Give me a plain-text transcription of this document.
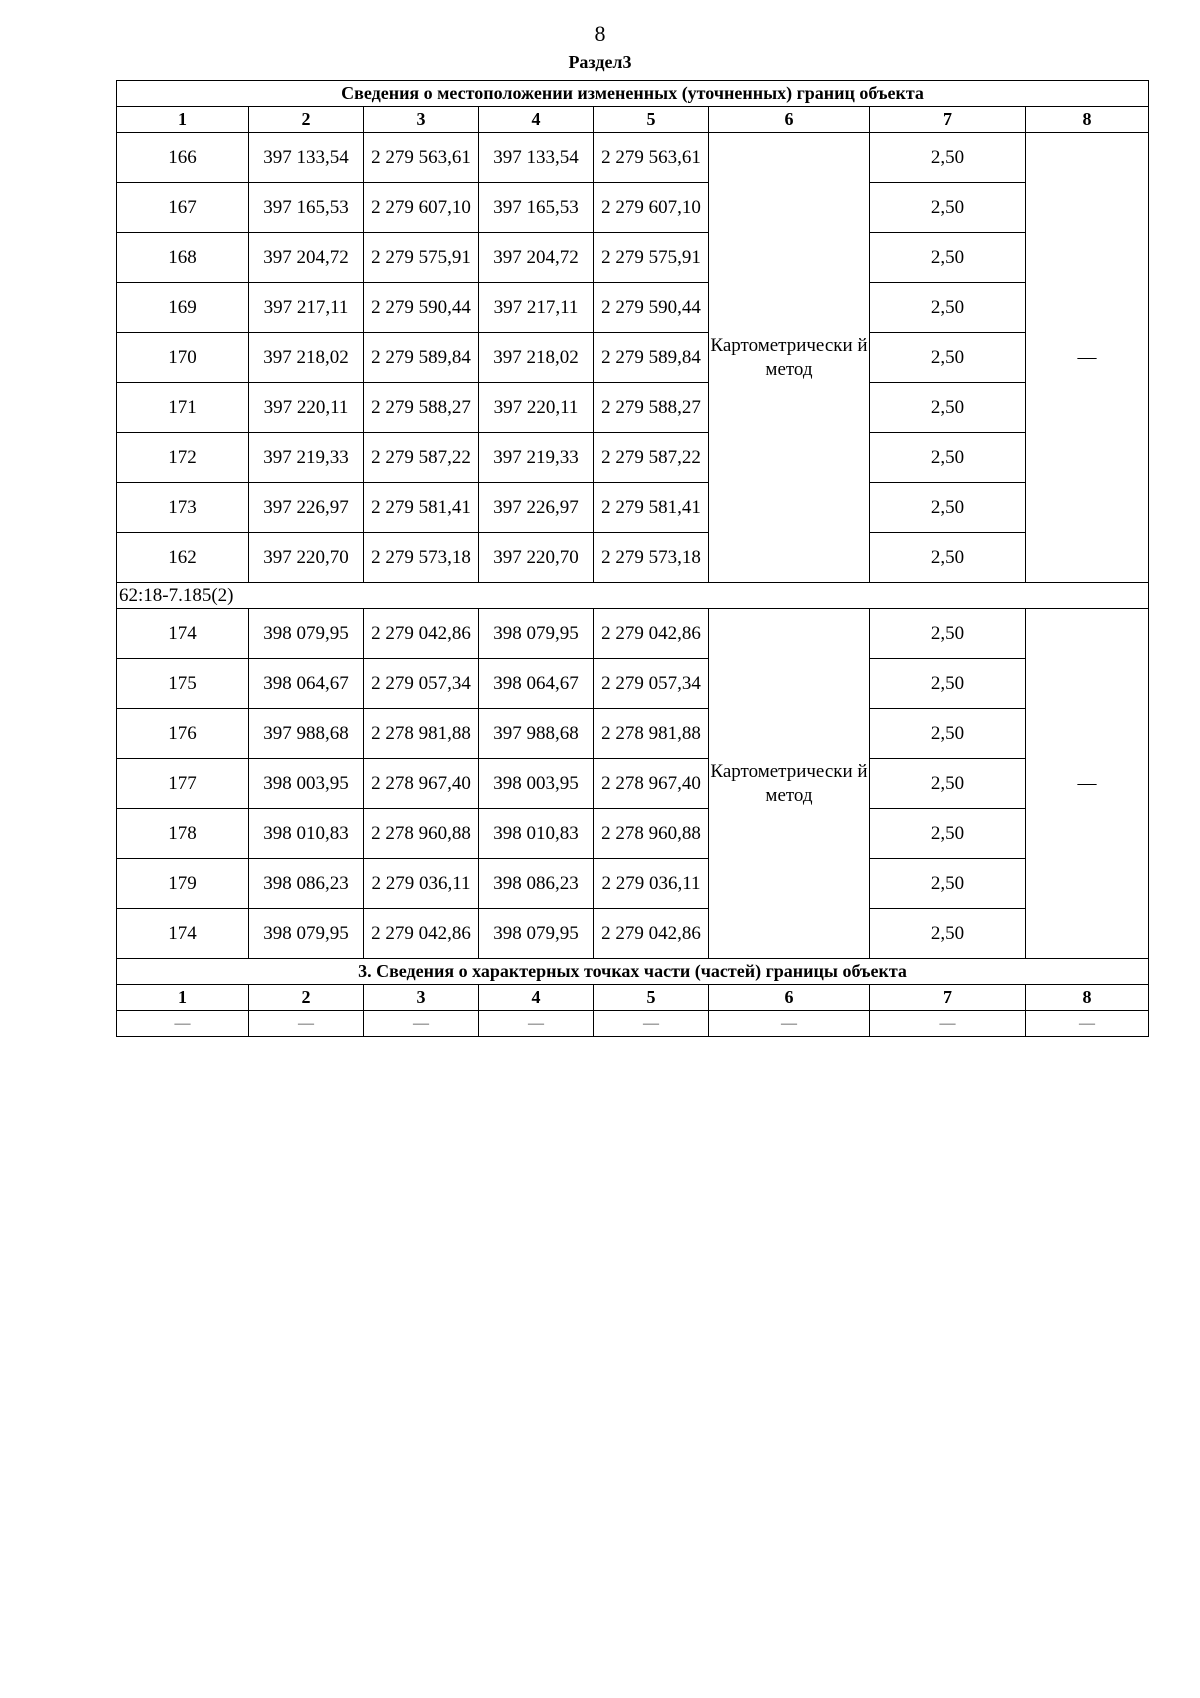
8
Раздел3
Сведения о местоположении измененных (уточненных) границ объекта							
1	2	3	4	5	6	7	8
166	397 133,54	2 279 563,61	397 133,54	2 279 563,61	Картометрически й метод	2,50	—
167	397 165,53	2 279 607,10	397 165,53	2 279 607,10		2,50	
168	397 204,72	2 279 575,91	397 204,72	2 279 575,91		2,50	
169	397 217,11	2 279 590,44	397 217,11	2 279 590,44		2,50	
170	397 218,02	2 279 589,84	397 218,02	2 279 589,84		2,50	
171	397 220,11	2 279 588,27	397 220,11	2 279 588,27		2,50	
172	397 219,33	2 279 587,22	397 219,33	2 279 587,22		2,50	
173	397 226,97	2 279 581,41	397 226,97	2 279 581,41		2,50	
162	397 220,70	2 279 573,18	397 220,70	2 279 573,18		2,50	
62:18-7.185(2)							
174	398 079,95	2 279 042,86	398 079,95	2 279 042,86	Картометрически й метод	2,50	—
175	398 064,67	2 279 057,34	398 064,67	2 279 057,34		2,50	
176	397 988,68	2 278 981,88	397 988,68	2 278 981,88		2,50	
177	398 003,95	2 278 967,40	398 003,95	2 278 967,40		2,50	
178	398 010,83	2 278 960,88	398 010,83	2 278 960,88		2,50	
179	398 086,23	2 279 036,11	398 086,23	2 279 036,11		2,50	
174	398 079,95	2 279 042,86	398 079,95	2 279 042,86		2,50	
3. Сведения о характерных точках части (частей) границы объекта							
1	2	3	4	5	6	7	8
—	—	—	—	—	—	—	—
